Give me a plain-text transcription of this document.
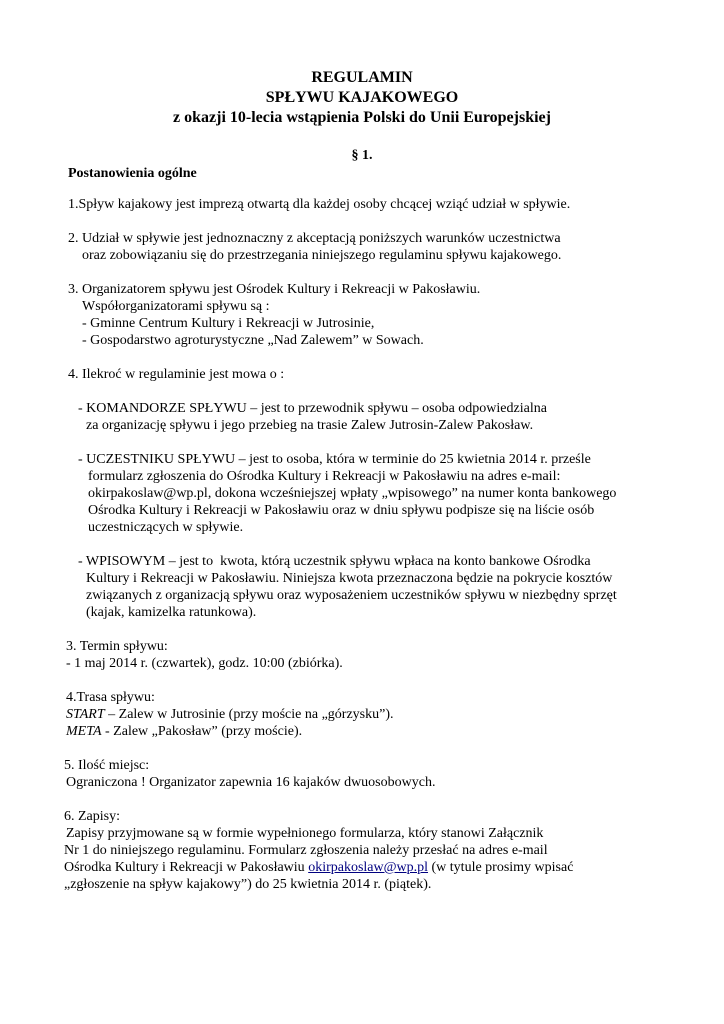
REGULAMIN
SPŁYWU KAJAKOWEGO
z okazji 10-lecia wstąpienia Polski do Unii Europejskiej
§ 1.
Postanowienia ogólne
1.Spływ kajakowy jest imprezą otwartą dla każdej osoby chcącej wziąć udział w spływie.
2. Udział w spływie jest jednoznaczny z akceptacją poniższych warunków uczestnictwa
oraz zobowiązaniu się do przestrzegania niniejszego regulaminu spływu kajakowego.
3. Organizatorem spływu jest Ośrodek Kultury i Rekreacji w Pakosławiu.
Współorganizatorami spływu są :
- Gminne Centrum Kultury i Rekreacji w Jutrosinie,
- Gospodarstwo agroturystyczne „Nad Zalewem” w Sowach.
4. Ilekroć w regulaminie jest mowa o :
- KOMANDORZE SPŁYWU – jest to przewodnik spływu – osoba odpowiedzialna
za organizację spływu i jego przebieg na trasie Zalew Jutrosin-Zalew Pakosław.
- UCZESTNIKU SPŁYWU – jest to osoba, która w terminie do 25 kwietnia 2014 r. prześle
formularz zgłoszenia do Ośrodka Kultury i Rekreacji w Pakosławiu na adres e-mail:
okirpakoslaw@wp.pl, dokona wcześniejszej wpłaty „wpisowego” na numer konta bankowego
Ośrodka Kultury i Rekreacji w Pakosławiu oraz w dniu spływu podpisze się na liście osób
uczestniczących w spływie.
- WPISOWYM – jest to  kwota, którą uczestnik spływu wpłaca na konto bankowe Ośrodka
Kultury i Rekreacji w Pakosławiu. Niniejsza kwota przeznaczona będzie na pokrycie kosztów
związanych z organizacją spływu oraz wyposażeniem uczestników spływu w niezbędny sprzęt
(kajak, kamizelka ratunkowa).
3. Termin spływu:
- 1 maj 2014 r. (czwartek), godz. 10:00 (zbiórka).
4.Trasa spływu:
START – Zalew w Jutrosinie (przy moście na „górzysku”).
META - Zalew „Pakosław” (przy moście).
5. Ilość miejsc:
Ograniczona ! Organizator zapewnia 16 kajaków dwuosobowych.
6. Zapisy:
Zapisy przyjmowane są w formie wypełnionego formularza, który stanowi Załącznik
Nr 1 do niniejszego regulaminu. Formularz zgłoszenia należy przesłać na adres e-mail
Ośrodka Kultury i Rekreacji w Pakosławiu okirpakoslaw@wp.pl (w tytule prosimy wpisać
„zgłoszenie na spływ kajakowy”) do 25 kwietnia 2014 r. (piątek).
